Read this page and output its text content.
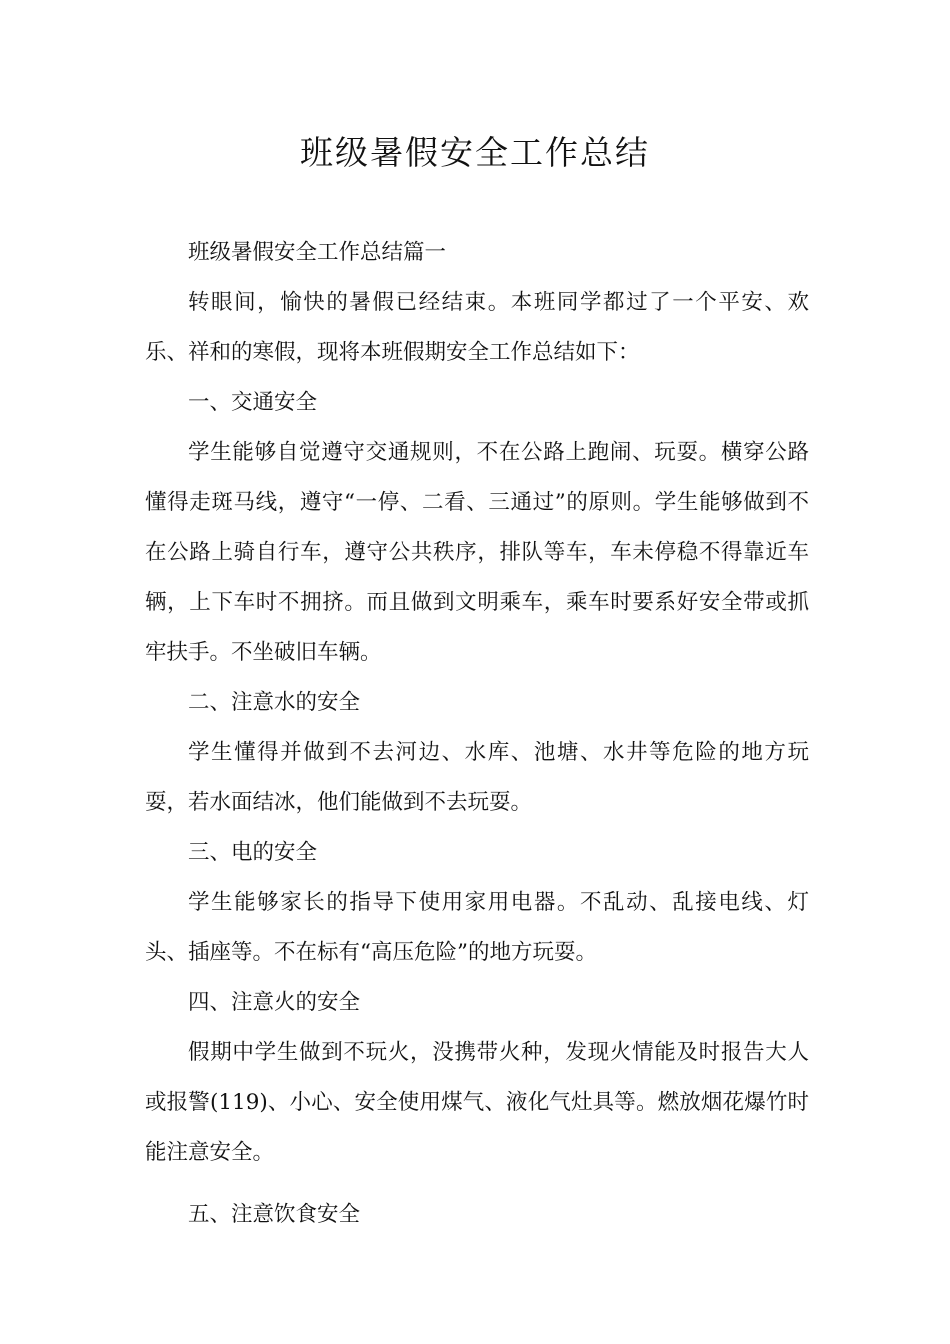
班级暑假安全工作总结

班级暑假安全工作总结篇一

转眼间，愉快的暑假已经结束。本班同学都过了一个平安、欢乐、祥和的寒假，现将本班假期安全工作总结如下：

一、交通安全

学生能够自觉遵守交通规则，不在公路上跑闹、玩耍。横穿公路懂得走斑马线，遵守“一停、二看、三通过”的原则。学生能够做到不在公路上骑自行车，遵守公共秩序，排队等车，车未停稳不得靠近车辆，上下车时不拥挤。而且做到文明乘车，乘车时要系好安全带或抓牢扶手。不坐破旧车辆。

二、注意水的安全

学生懂得并做到不去河边、水库、池塘、水井等危险的地方玩耍，若水面结冰，他们能做到不去玩耍。

三、电的安全

学生能够家长的指导下使用家用电器。不乱动、乱接电线、灯头、插座等。不在标有“高压危险”的地方玩耍。

四、注意火的安全

假期中学生做到不玩火，没携带火种，发现火情能及时报告大人或报警(119)、小心、安全使用煤气、液化气灶具等。燃放烟花爆竹时能注意安全。

五、注意饮食安全
